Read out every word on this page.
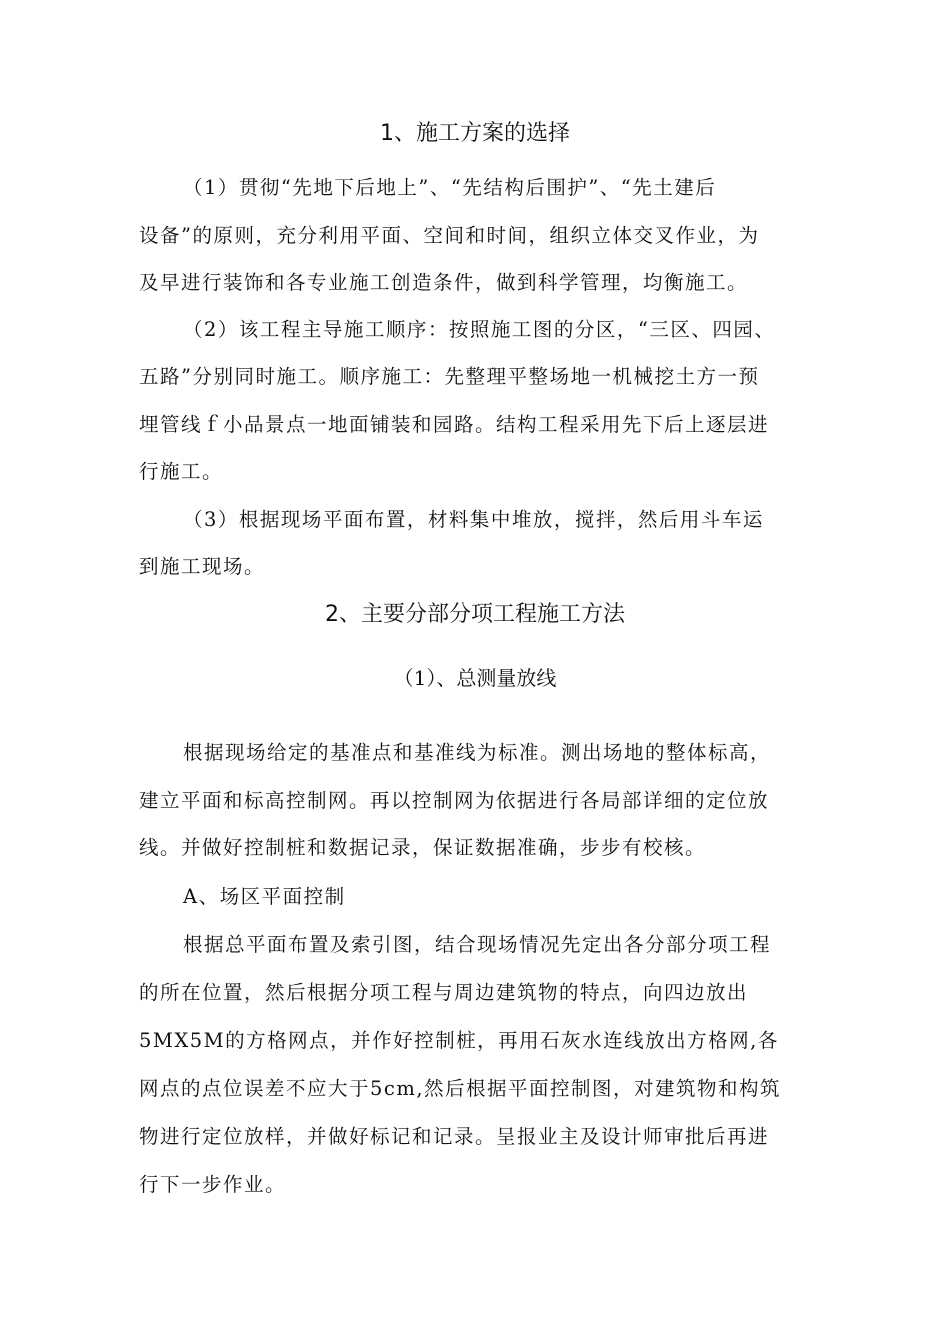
1、施工方案的选择
（1）贯彻“先地下后地上”、“先结构后围护”、“先土建后
设备”的原则，充分利用平面、空间和时间，组织立体交叉作业，为
及早进行装饰和各专业施工创造条件，做到科学管理，均衡施工。
（2）该工程主导施工顺序：按照施工图的分区，“三区、四园、
五路”分别同时施工。顺序施工：先整理平整场地一机械挖土方一预
埋管线ｆ小品景点一地面铺装和园路。结构工程采用先下后上逐层进
行施工。
（3）根据现场平面布置，材料集中堆放，搅拌，然后用斗车运
到施工现场。
2、主要分部分项工程施工方法
（1）、总测量放线
根据现场给定的基准点和基准线为标准。测出场地的整体标高，
建立平面和标高控制网。再以控制网为依据进行各局部详细的定位放
线。并做好控制桩和数据记录，保证数据准确，步步有校核。
A、场区平面控制
根据总平面布置及索引图，结合现场情况先定出各分部分项工程
的所在位置，然后根据分项工程与周边建筑物的特点，向四边放出
5MX5M的方格网点，并作好控制桩，再用石灰水连线放出方格网,各
网点的点位误差不应大于5cm,然后根据平面控制图，对建筑物和构筑
物进行定位放样，并做好标记和记录。呈报业主及设计师审批后再进
行下一步作业。
